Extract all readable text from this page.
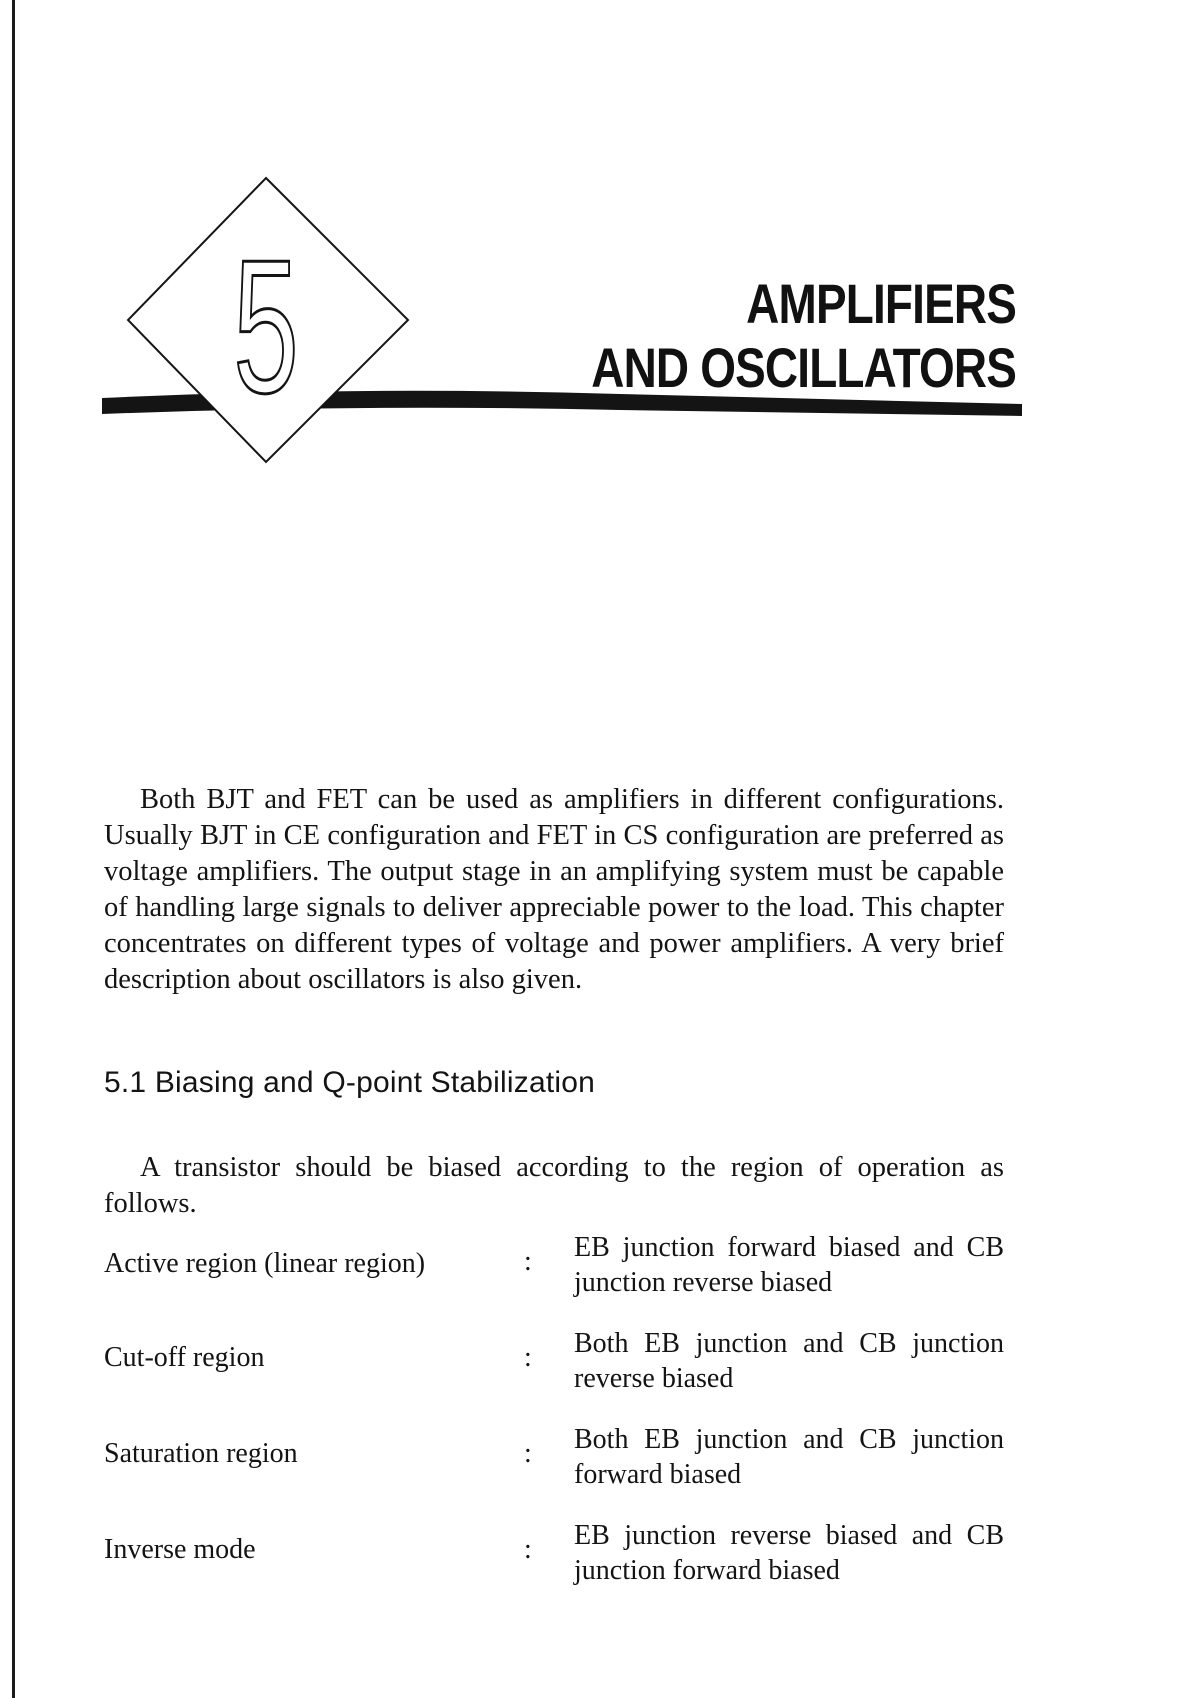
5	AMPLIFIERS
AND OSCILLATORS

Both BJT and FET can be used as amplifiers in different configurations. Usually BJT in CE configuration and FET in CS configuration are preferred as voltage amplifiers. The output stage in an amplifying system must be capable of handling large signals to deliver appreciable power to the load. This chapter concentrates on different types of voltage and power amplifiers. A very brief description about oscillators is also given.

5.1 Biasing and Q-point Stabilization

A transistor should be biased according to the region of operation as follows.

Active region (linear region)	:	EB junction forward biased and CB junction reverse biased
Cut-off region	:	Both EB junction and CB junction reverse biased
Saturation region	:	Both EB junction and CB junction forward biased
Inverse mode	:	EB junction reverse biased and CB junction forward biased
